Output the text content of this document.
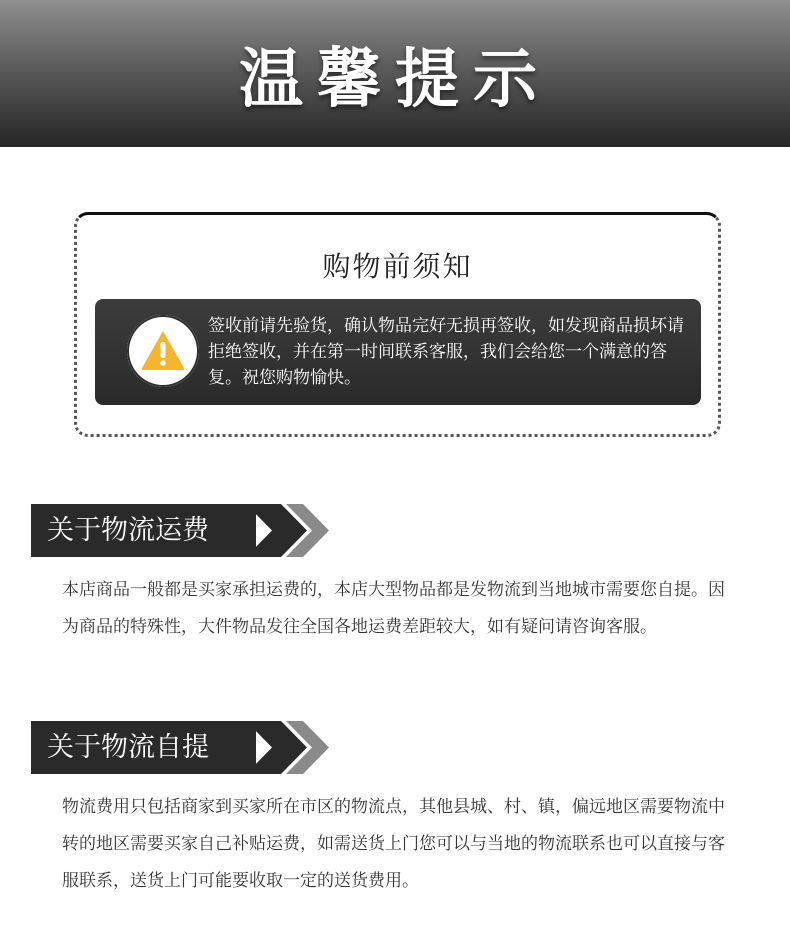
温馨提示
购物前须知
签收前请先验货，确认物品完好无损再签收，如发现商品损坏请拒绝签收，并在第一时间联系客服，我们会给您一个满意的答复。祝您购物愉快。
关于物流运费
本店商品一般都是买家承担运费的，本店大型物品都是发物流到当地城市需要您自提。因为商品的特殊性，大件物品发往全国各地运费差距较大，如有疑问请咨询客服。
关于物流自提
物流费用只包括商家到买家所在市区的物流点，其他县城、村、镇，偏远地区需要物流中转的地区需要买家自己补贴运费，如需送货上门您可以与当地的物流联系也可以直接与客服联系，送货上门可能要收取一定的送货费用。
